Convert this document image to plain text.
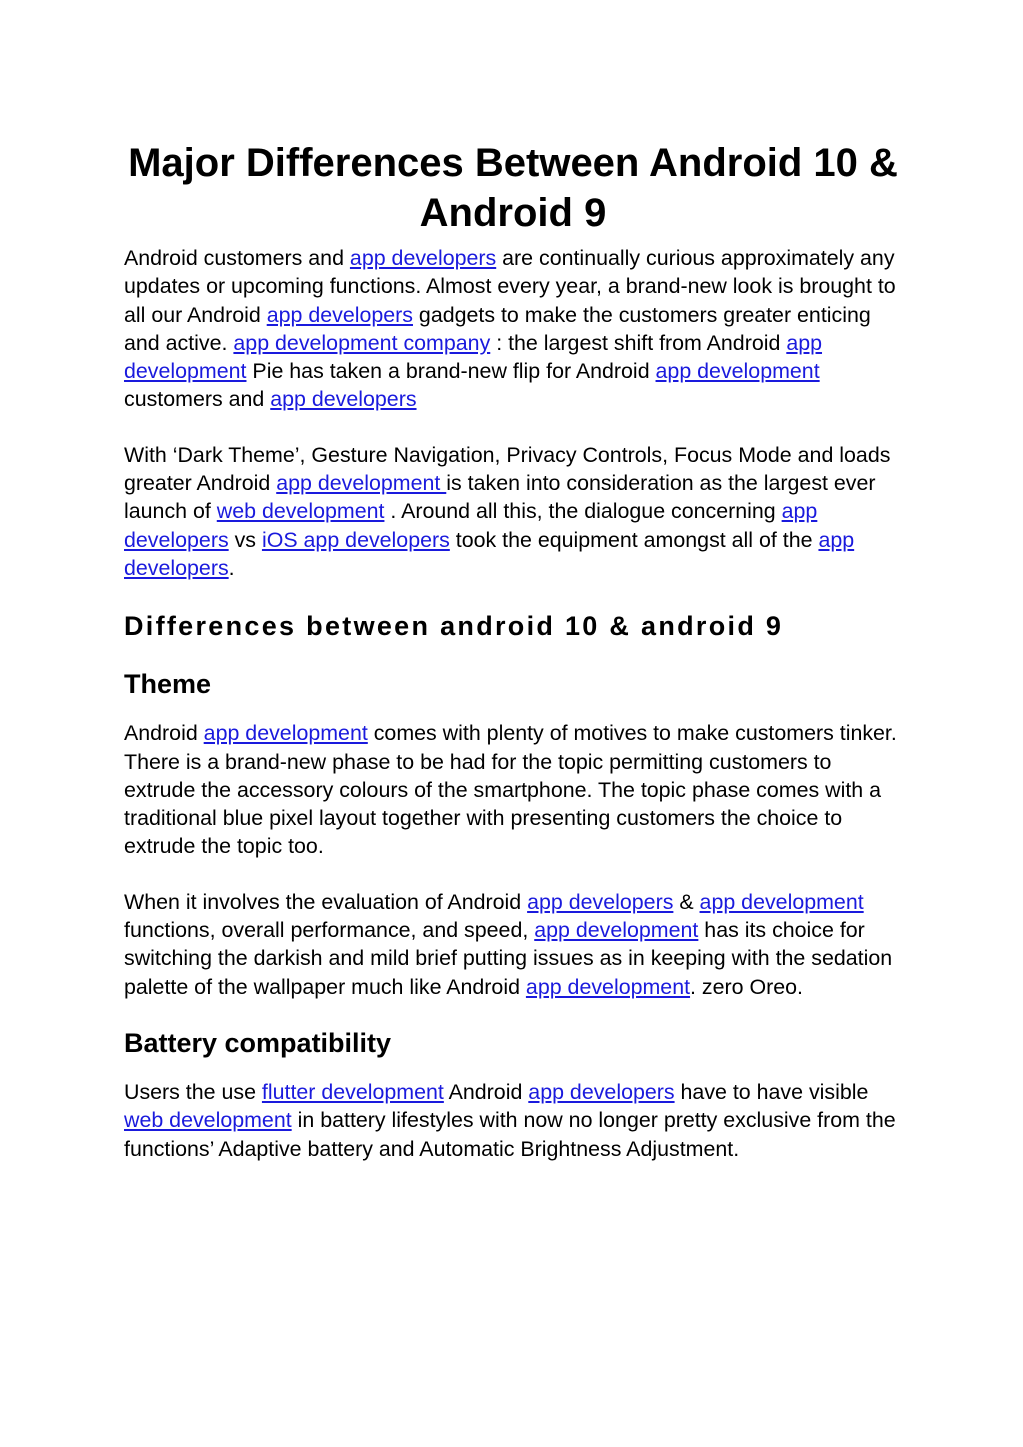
Major Differences Between Android 10 & Android 9

Android customers and app developers are continually curious approximately any updates or upcoming functions. Almost every year, a brand-new look is brought to all our Android app developers gadgets to make the customers greater enticing and active. app development company : the largest shift from Android app development Pie has taken a brand-new flip for Android app development customers and app developers

With ‘Dark Theme’, Gesture Navigation, Privacy Controls, Focus Mode and loads greater Android app development is taken into consideration as the largest ever launch of web development . Around all this, the dialogue concerning app developers vs iOS app developers took the equipment amongst all of the app developers.

Differences between android 10 & android 9
Theme

Android app development comes with plenty of motives to make customers tinker. There is a brand-new phase to be had for the topic permitting customers to extrude the accessory colours of the smartphone. The topic phase comes with a traditional blue pixel layout together with presenting customers the choice to extrude the topic too.

When it involves the evaluation of Android app developers & app development functions, overall performance, and speed, app development has its choice for switching the darkish and mild brief putting issues as in keeping with the sedation palette of the wallpaper much like Android app development. zero Oreo.

Battery compatibility

Users the use flutter development Android app developers have to have visible web development in battery lifestyles with now no longer pretty exclusive from the functions’ Adaptive battery and Automatic Brightness Adjustment.
